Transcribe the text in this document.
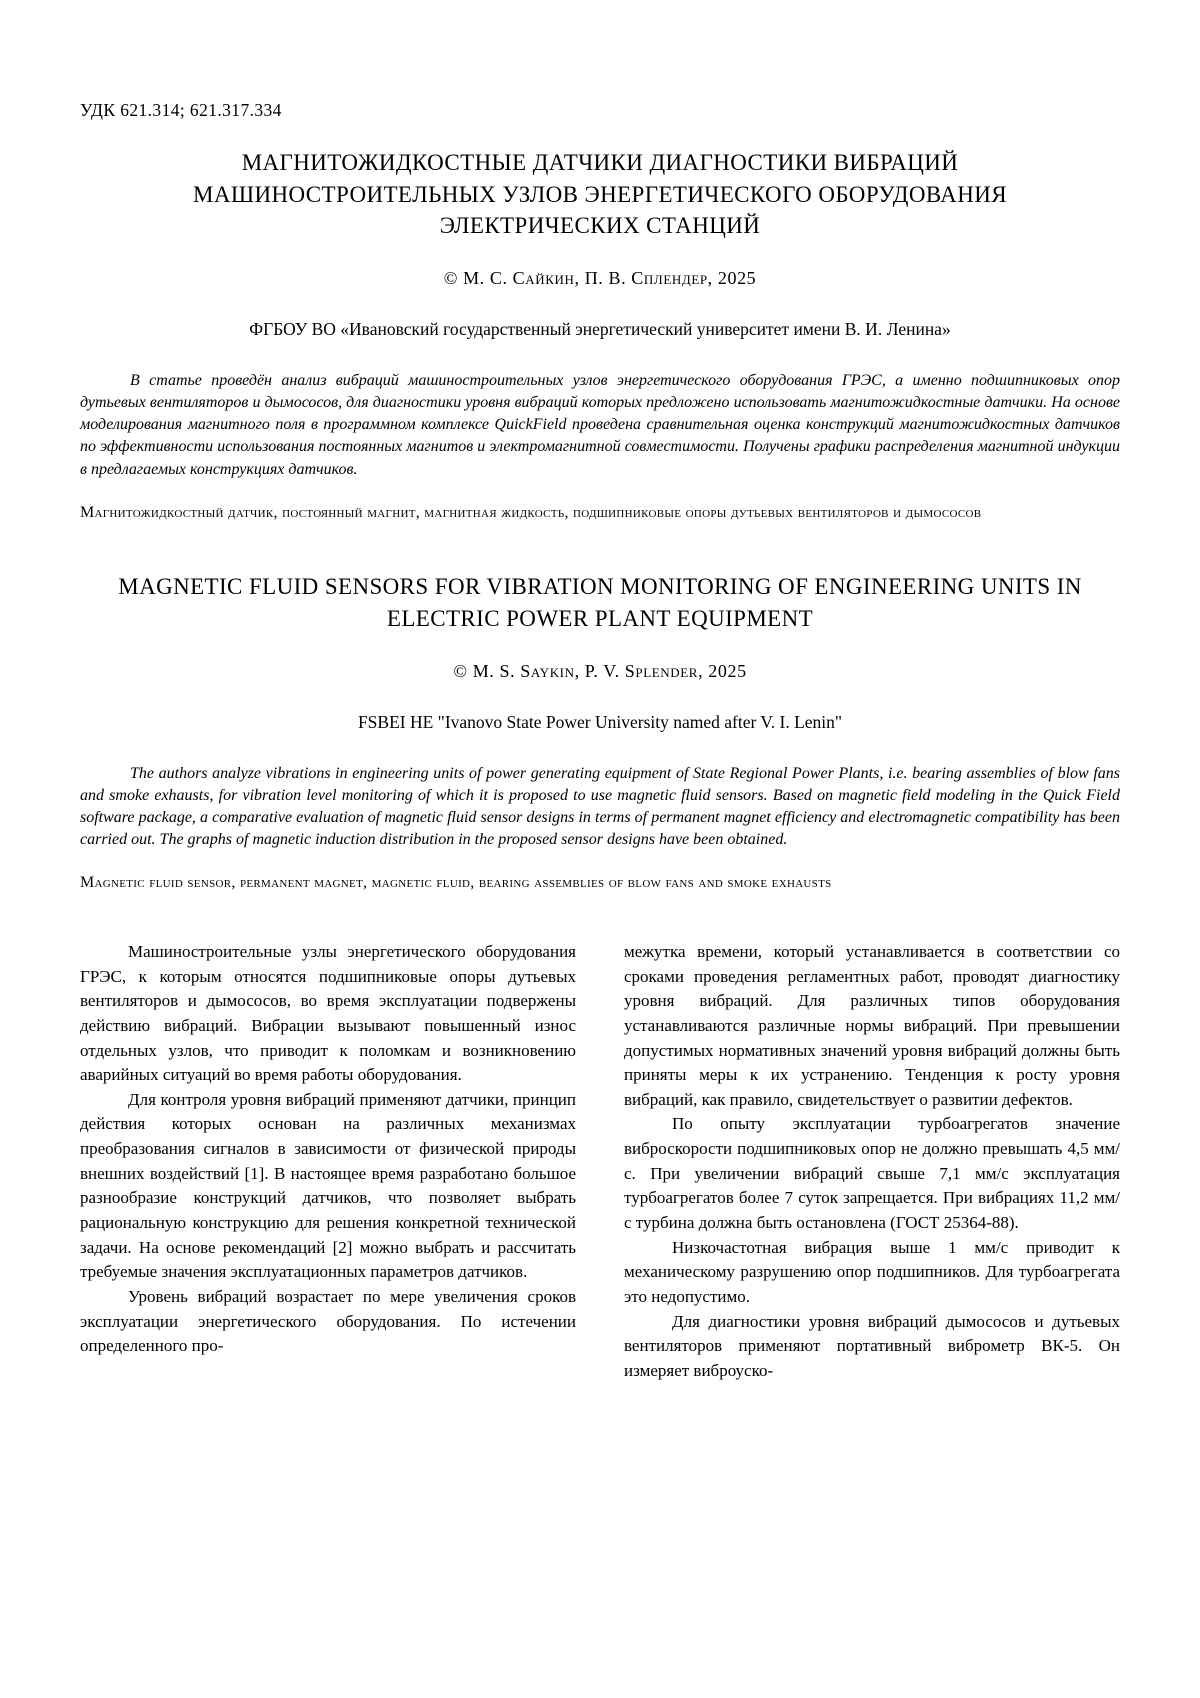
УДК 621.314; 621.317.334
МАГНИТОЖИДКОСТНЫЕ ДАТЧИКИ ДИАГНОСТИКИ ВИБРАЦИЙ МАШИНОСТРОИТЕЛЬНЫХ УЗЛОВ ЭНЕРГЕТИЧЕСКОГО ОБОРУДОВАНИЯ ЭЛЕКТРИЧЕСКИХ СТАНЦИЙ
© М. С. Сайкин, П. В. Сплендер, 2025
ФГБОУ ВО «Ивановский государственный энергетический университет имени В. И. Ленина»

В статье проведён анализ вибраций машиностроительных узлов энергетического оборудования ГРЭС, а именно подшипниковых опор дутьевых вентиляторов и дымососов, для диагностики уровня вибраций которых предложено использовать магнитожидкостные датчики. На основе моделирования магнитного поля в программном комплексе QuickField проведена сравнительная оценка конструкций магнитожидкостных датчиков по эффективности использования постоянных магнитов и электромагнитной совместимости. Получены графики распределения магнитной индукции в предлагаемых конструкциях датчиков.

Магнитожидкостный датчик, постоянный магнит, магнитная жидкость, подшипниковые опоры дутьевых вентиляторов и дымососов

MAGNETIC FLUID SENSORS FOR VIBRATION MONITORING OF ENGINEERING UNITS IN ELECTRIC POWER PLANT EQUIPMENT
© M. S. Saykin, P. V. Splender, 2025
FSBEI HE "Ivanovo State Power University named after V. I. Lenin"

The authors analyze vibrations in engineering units of power generating equipment of State Regional Power Plants, i.e. bearing assemblies of blow fans and smoke exhausts, for vibration level monitoring of which it is proposed to use magnetic fluid sensors. Based on magnetic field modeling in the Quick Field software package, a comparative evaluation of magnetic fluid sensor designs in terms of permanent magnet efficiency and electromagnetic compatibility has been carried out. The graphs of magnetic induction distribution in the proposed sensor designs have been obtained.

Magnetic fluid sensor, permanent magnet, magnetic fluid, bearing assemblies of blow fans and smoke exhausts

Машиностроительные узлы энергетического оборудования ГРЭС, к которым относятся подшипниковые опоры дутьевых вентиляторов и дымососов, во время эксплуатации подвержены действию вибраций. Вибрации вызывают повышенный износ отдельных узлов, что приводит к поломкам и возникновению аварийных ситуаций во время работы оборудования.

Для контроля уровня вибраций применяют датчики, принцип действия которых основан на различных механизмах преобразования сигналов в зависимости от физической природы внешних воздействий [1]. В настоящее время разработано большое разнообразие конструкций датчиков, что позволяет выбрать рациональную конструкцию для решения конкретной технической задачи. На основе рекомендаций [2] можно выбрать и рассчитать требуемые значения эксплуатационных параметров датчиков.

Уровень вибраций возрастает по мере увеличения сроков эксплуатации энергетического оборудования. По истечении определенного про-

межутка времени, который устанавливается в соответствии со сроками проведения регламентных работ, проводят диагностику уровня вибраций. Для различных типов оборудования устанавливаются различные нормы вибраций. При превышении допустимых нормативных значений уровня вибраций должны быть приняты меры к их устранению. Тенденция к росту уровня вибраций, как правило, свидетельствует о развитии дефектов.

По опыту эксплуатации турбоагрегатов значение виброскорости подшипниковых опор не должно превышать 4,5 мм/с. При увеличении вибраций свыше 7,1 мм/с эксплуатация турбоагрегатов более 7 суток запрещается. При вибрациях 11,2 мм/с турбина должна быть остановлена (ГОСТ 25364-88).

Низкочастотная вибрация выше 1 мм/с приводит к механическому разрушению опор подшипников. Для турбоагрегата это недопустимо.

Для диагностики уровня вибраций дымососов и дутьевых вентиляторов применяют портативный виброметр ВК-5. Он измеряет виброуско-
